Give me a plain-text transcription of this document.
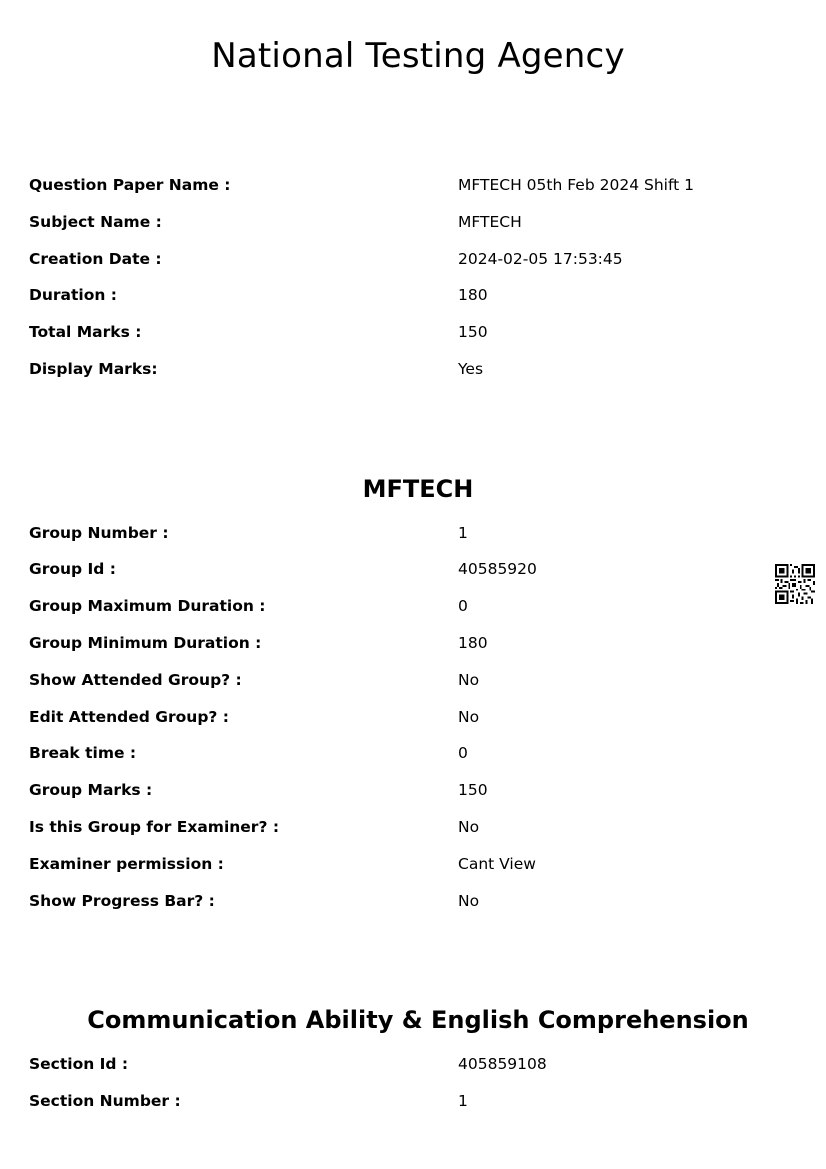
National Testing Agency
Question Paper Name :	MFTECH 05th Feb 2024 Shift 1
Subject Name :	MFTECH
Creation Date :	2024-02-05 17:53:45
Duration :	180
Total Marks :	150
Display Marks:	Yes
MFTECH
Group Number :	1
Group Id :	40585920
Group Maximum Duration :	0
Group Minimum Duration :	180
Show Attended Group? :	No
Edit Attended Group? :	No
Break time :	0
Group Marks :	150
Is this Group for Examiner? :	No
Examiner permission :	Cant View
Show Progress Bar? :	No
Communication Ability & English Comprehension
Section Id :	405859108
Section Number :	1
